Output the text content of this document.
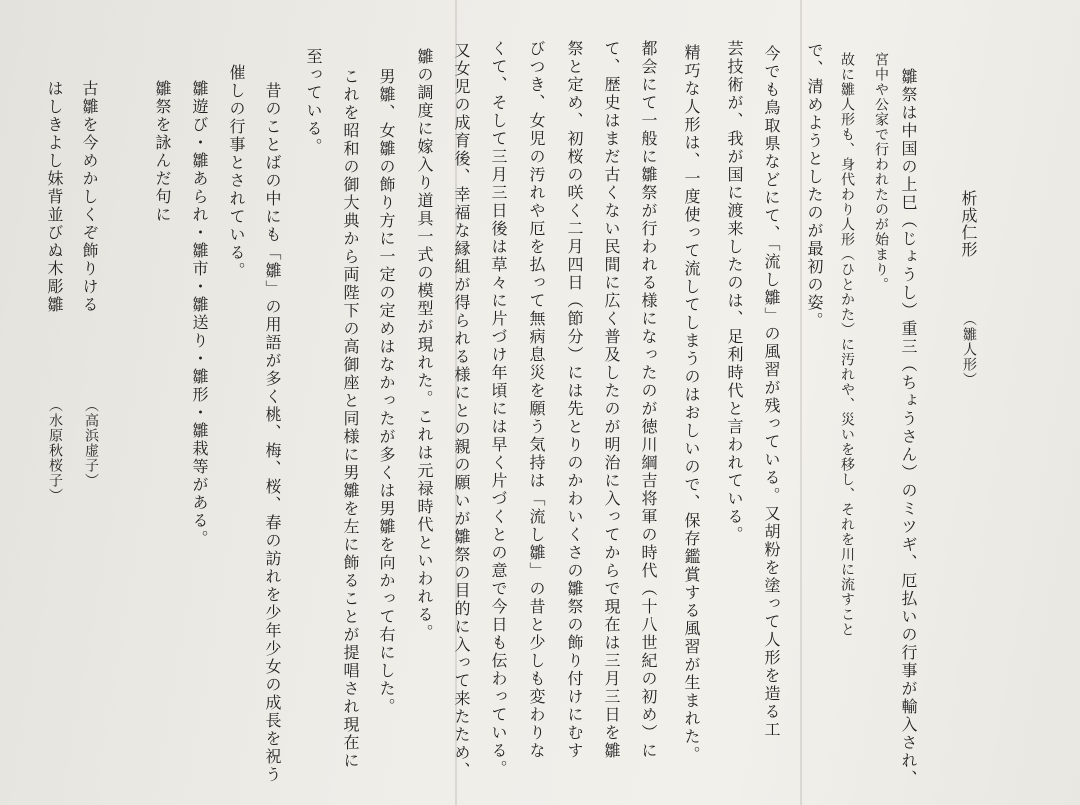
（雛人形）
析成仁形
雛祭は中国の上巳（じょうし）重三（ちょうさん）のミツギ、厄払いの行事が輸入され、
宮中や公家で行われたのが始まり。
故に雛人形も、身代わり人形（ひとかた）に汚れや、災いを移し、それを川に流すこと
で、清めようとしたのが最初の姿。
今でも鳥取県などにて、「流し雛」の風習が残っている。又胡粉を塗って人形を造る工
芸技術が、我が国に渡来したのは、足利時代と言われている。
精巧な人形は、一度使って流してしまうのはおしいので、保存鑑賞する風習が生まれた。
都会にて一般に雛祭が行われる様になったのが徳川綱吉将軍の時代（十八世紀の初め）に
て、歴史はまだ古くない民間に広く普及したのが明治に入ってからで現在は三月三日を雛
祭と定め、初桜の咲く二月四日（節分）には先とりのかわいくさの雛祭の飾り付けにむす
びつき、女児の汚れや厄を払って無病息災を願う気持は「流し雛」の昔と少しも変わりな
くて、そして三月三日後は草々に片づけ年頃には早く片づくとの意で今日も伝わっている。
又女児の成育後、幸福な縁組が得られる様にとの親の願いが雛祭の目的に入って来たため、
雛の調度に嫁入り道具一式の模型が現れた。これは元禄時代といわれる。
男雛、女雛の飾り方に一定の定めはなかったが多くは男雛を向かって右にした。
これを昭和の御大典から両陛下の高御座と同様に男雛を左に飾ることが提唱され現在に
至っている。
昔のことばの中にも「雛」の用語が多く桃、梅、桜、春の訪れを少年少女の成長を祝う
催しの行事とされている。
雛遊び・雛あられ・雛市・雛送り・雛形・雛栽等がある。
雛祭を詠んだ句に
古雛を今めかしくぞ飾りける
（高浜虚子）
はしきよし妹背並びぬ木彫雛
（水原秋桜子）
